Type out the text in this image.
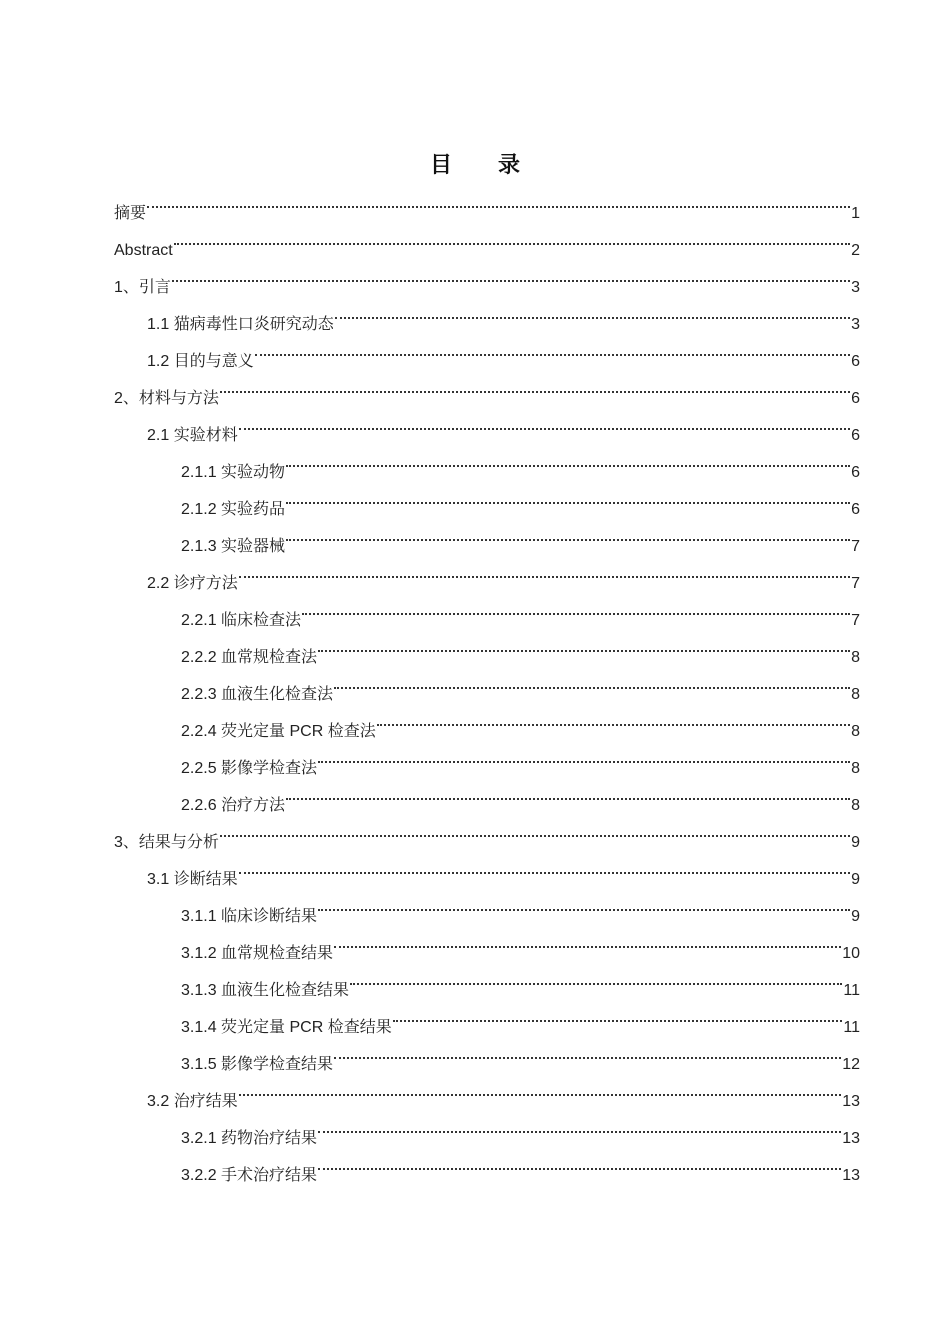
目 录
摘要	1
Abstract	2
1、引言	3
1.1 猫病毒性口炎研究动态	3
1.2 目的与意义	6
2、材料与方法	6
2.1 实验材料	6
2.1.1 实验动物	6
2.1.2 实验药品	6
2.1.3 实验器械	7
2.2 诊疗方法	7
2.2.1 临床检查法	7
2.2.2 血常规检查法	8
2.2.3 血液生化检查法	8
2.2.4 荧光定量 PCR 检查法	8
2.2.5 影像学检查法	8
2.2.6 治疗方法	8
3、结果与分析	9
3.1 诊断结果	9
3.1.1 临床诊断结果	9
3.1.2 血常规检查结果	10
3.1.3 血液生化检查结果	11
3.1.4 荧光定量 PCR 检查结果	11
3.1.5 影像学检查结果	12
3.2 治疗结果	13
3.2.1 药物治疗结果	13
3.2.2 手术治疗结果	13
